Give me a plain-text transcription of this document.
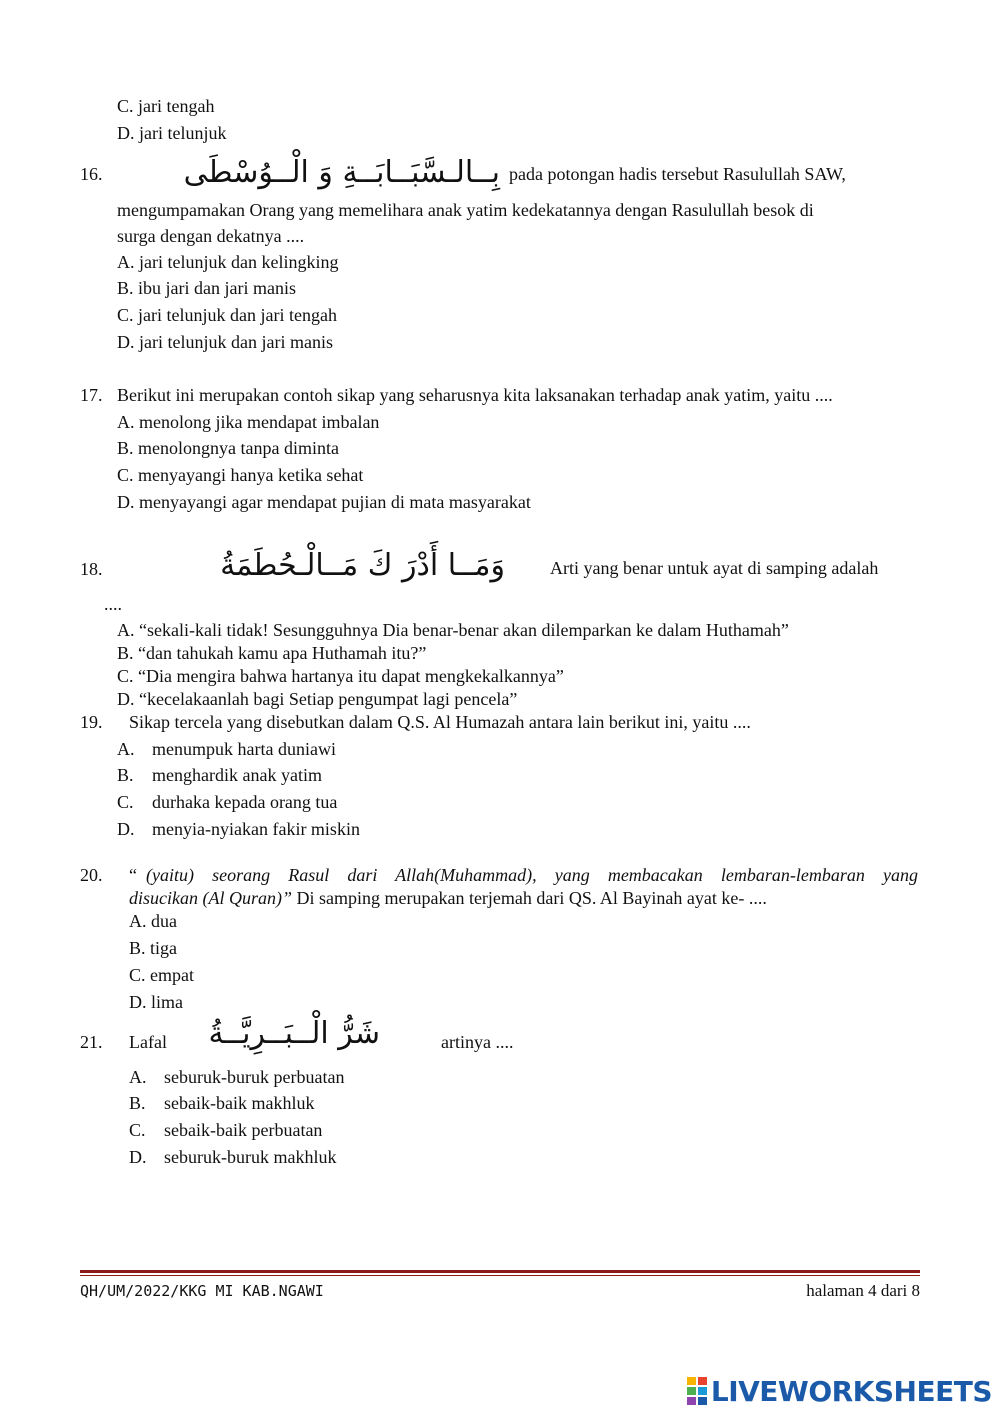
C. jari tengah
D. jari telunjuk
16.	بِــالـسَّبَــابَــةِ وَ الْــوُسْطَى pada potongan hadis tersebut Rasulullah SAW,
mengumpamakan Orang yang memelihara anak yatim kedekatannya dengan Rasulullah besok di
surga dengan dekatnya ....
A. jari telunjuk dan kelingking
B. ibu jari dan jari manis
C. jari telunjuk dan jari tengah
D. jari telunjuk dan jari manis
17. Berikut ini merupakan contoh sikap yang seharusnya kita laksanakan terhadap anak yatim, yaitu ....
A. menolong jika mendapat imbalan
B. menolongnya tanpa diminta
C. menyayangi hanya ketika sehat
D. menyayangi agar mendapat pujian di mata masyarakat
18.	وَمَــا أَدْرَ كَ مَــالْـحُطَمَةُ	Arti yang benar untuk ayat di samping adalah
....
A. “sekali-kali tidak! Sesungguhnya Dia benar-benar akan dilemparkan ke dalam Huthamah”
B. “dan tahukah kamu apa Huthamah itu?”
C. “Dia mengira bahwa hartanya itu dapat mengkekalkannya”
D. “kecelakaanlah bagi Setiap pengumpat lagi pencela”
19. Sikap tercela yang disebutkan dalam Q.S. Al Humazah antara lain berikut ini, yaitu ....
A. menumpuk harta duniawi
B. menghardik anak yatim
C. durhaka kepada orang tua
D. menyia-nyiakan fakir miskin
20. “ (yaitu) seorang Rasul dari Allah(Muhammad), yang membacakan lembaran-lembaran yang
disucikan (Al Quran)” Di samping merupakan terjemah dari QS. Al Bayinah ayat ke- ....
A. dua
B. tiga
C. empat
D. lima
21. Lafal	شَرُّ الْــبَــرِيَّــةُ	artinya ....
A. seburuk-buruk perbuatan
B. sebaik-baik makhluk
C. sebaik-baik perbuatan
D. seburuk-buruk makhluk
QH/UM/2022/KKG MI KAB.NGAWI	halaman 4 dari 8
LIVEWORKSHEETS
